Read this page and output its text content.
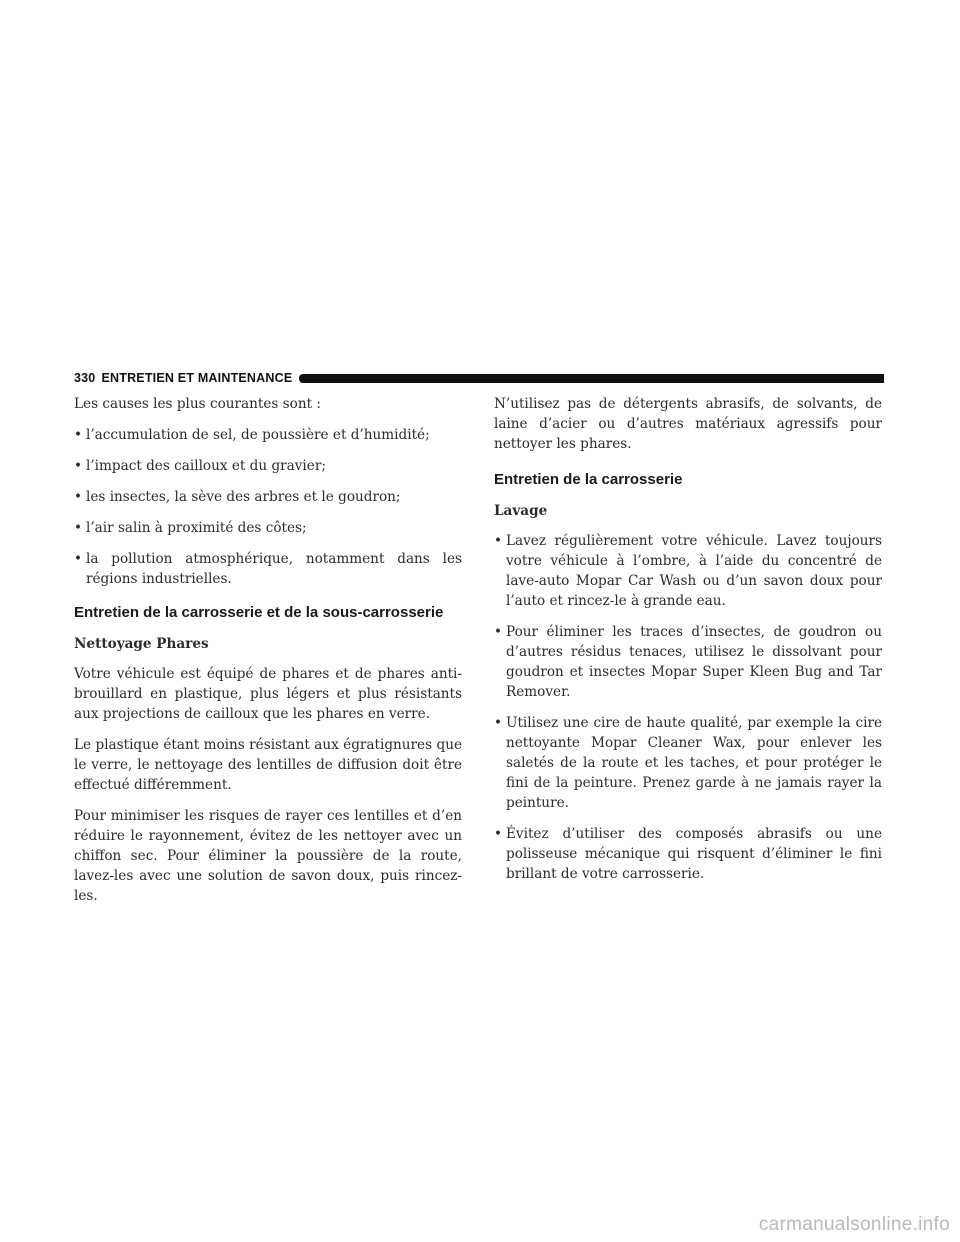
330 ENTRETIEN ET MAINTENANCE

Les causes les plus courantes sont :

• l’accumulation de sel, de poussière et d’humidité;
• l’impact des cailloux et du gravier;
• les insectes, la sève des arbres et le goudron;
• l’air salin à proximité des côtes;
• la pollution atmosphérique, notamment dans les régions industrielles.
Entretien de la carrosserie et de la sous-carrosserie
Nettoyage Phares

Votre véhicule est équipé de phares et de phares anti-brouillard en plastique, plus légers et plus résistants aux projections de cailloux que les phares en verre.

Le plastique étant moins résistant aux égratignures que le verre, le nettoyage des lentilles de diffusion doit être effectué différemment.

Pour minimiser les risques de rayer ces lentilles et d’en réduire le rayonnement, évitez de les nettoyer avec un chiffon sec. Pour éliminer la poussière de la route, lavez-les avec une solution de savon doux, puis rincez-les.

N’utilisez pas de détergents abrasifs, de solvants, de laine d’acier ou d’autres matériaux agressifs pour nettoyer les phares.

Entretien de la carrosserie
Lavage
• Lavez régulièrement votre véhicule. Lavez toujours votre véhicule à l’ombre, à l’aide du concentré de lave-auto Mopar Car Wash ou d’un savon doux pour l’auto et rincez-le à grande eau.
• Pour éliminer les traces d’insectes, de goudron ou d’autres résidus tenaces, utilisez le dissolvant pour goudron et insectes Mopar Super Kleen Bug and Tar Remover.
• Utilisez une cire de haute qualité, par exemple la cire nettoyante Mopar Cleaner Wax, pour enlever les saletés de la route et les taches, et pour protéger le fini de la peinture. Prenez garde à ne jamais rayer la peinture.
• Évitez d’utiliser des composés abrasifs ou une polisseuse mécanique qui risquent d’éliminer le fini brillant de votre carrosserie.
carmanualsonline.info
